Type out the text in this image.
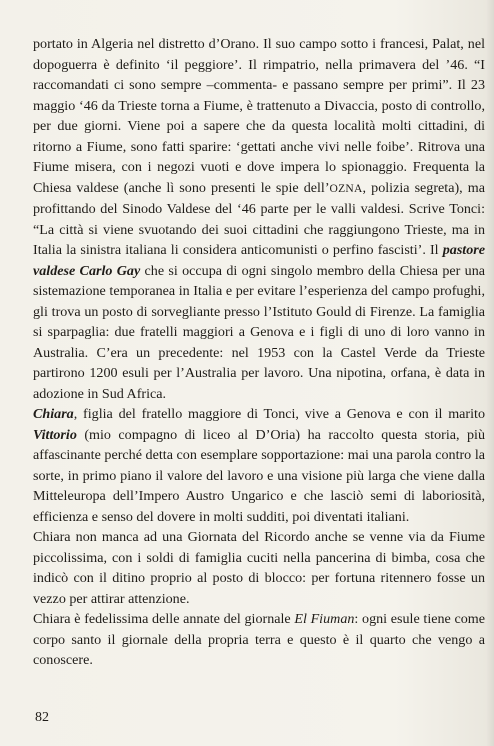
portato in Algeria nel distretto d’Orano. Il suo campo sotto i francesi, Palat, nel dopoguerra è definito ‘il peggiore’. Il rimpatrio, nella primavera del ’46. “I raccomandati ci sono sempre –commenta- e passano sempre per primi”. Il 23 maggio ‘46 da Trieste torna a Fiume, è trattenuto a Divaccia, posto di controllo, per due giorni. Viene poi a sapere che da questa località molti cittadini, di ritorno a Fiume, sono fatti sparire: ‘gettati anche vivi nelle foibe’. Ritrova una Fiume misera, con i negozi vuoti e dove impera lo spionaggio. Frequenta la Chiesa valdese (anche lì sono presenti le spie dell’OZNA, polizia segreta), ma profittando del Sinodo Valdese del ‘46 parte per le valli valdesi. Scrive Tonci: “La città si viene svuotando dei suoi cittadini che raggiungono Trieste, ma in Italia la sinistra italiana li considera anticomunisti o perfino fascisti’. Il pastore valdese Carlo Gay che si occupa di ogni singolo membro della Chiesa per una sistemazione temporanea in Italia e per evitare l’esperienza del campo profughi, gli trova un posto di sorvegliante presso l’Istituto Gould di Firenze. La famiglia si sparpaglia: due fratelli maggiori a Genova e i figli di uno di loro vanno in Australia. C’era un precedente: nel 1953 con la Castel Verde da Trieste partirono 1200 esuli per l’Australia per lavoro. Una nipotina, orfana, è data in adozione in Sud Africa.

Chiara, figlia del fratello maggiore di Tonci, vive a Genova e con il marito Vittorio (mio compagno di liceo al D’Oria) ha raccolto questa storia, più affascinante perché detta con esemplare sopportazione: mai una parola contro la sorte, in primo piano il valore del lavoro e una visione più larga che viene dalla Mitteleuropa dell’Impero Austro Ungarico e che lasciò semi di laboriosità, efficienza e senso del dovere in molti sudditi, poi diventati italiani.

Chiara non manca ad una Giornata del Ricordo anche se venne via da Fiume piccolissima, con i soldi di famiglia cuciti nella pancerina di bimba, cosa che indicò con il ditino proprio al posto di blocco: per fortuna ritennero fosse un vezzo per attirar attenzione.

Chiara è fedelissima delle annate del giornale El Fiuman: ogni esule tiene come corpo santo il giornale della propria terra e questo è il quarto che vengo a conoscere.

82
